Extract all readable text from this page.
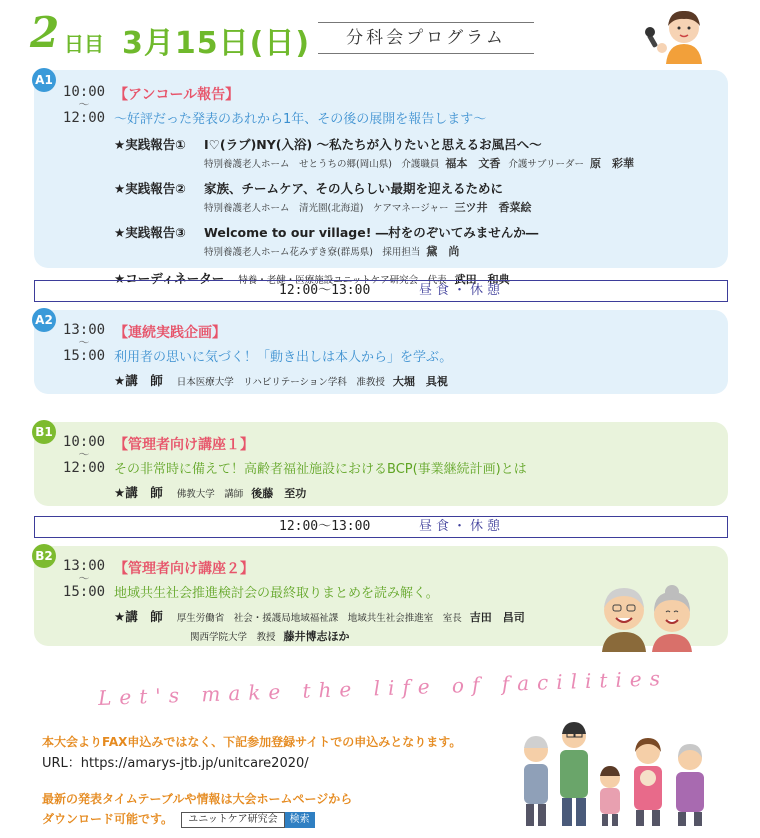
2 日目 3月15日(日)	分科会プログラム
A1
10:00
〜
12:00
【アンコール報告】
〜好評だった発表のあれから1年、その後の展開を報告します〜
★実践報告① I♡(ラブ)NY(入浴) 〜私たちが入りたいと思えるお風呂へ〜
特別養護老人ホーム　せとうちの郷(岡山県)　介護職員 福本　文香 介護サブリーダー 原　彩華
★実践報告② 家族、チームケア、その人らしい最期を迎えるために
特別養護老人ホーム　清光園(北海道)　ケアマネージャー 三ツ井　香菜絵
★実践報告③ Welcome to our village! ―村をのぞいてみませんか―
特別養護老人ホーム花みずき寮(群馬県)　採用担当 黛　尚
★コーディネーター 特養・老健・医療施設ユニットケア研究会　代表 武田　和典
12:00〜13:00	昼食・休憩
A2
13:00
〜
15:00
【連続実践企画】
利用者の思いに気づく！「動き出しは本人から」を学ぶ。
★講　師 日本医療大学　リハビリテーション学科　准教授 大堀　具視
B1
10:00
〜
12:00
【管理者向け講座１】
その非常時に備えて！高齢者福祉施設におけるBCP(事業継続計画)とは
★講　師 佛教大学　講師 後藤　至功
12:00〜13:00	昼食・休憩
B2
13:00
〜
15:00
【管理者向け講座２】
地域共生社会推進検討会の最終取りまとめを読み解く。
★講　師 厚生労働省　社会・援護局地域福祉課　地域共生社会推進室　室長 吉田　昌司
関西学院大学　教授 藤井博志ほか
Let's make the life of facilities
本大会よりFAX申込みではなく、下記参加登録サイトでの申込みとなります。
URL：https://amarys-jtb.jp/unitcare2020/
最新の発表タイムテーブルや情報は大会ホームページから
ダウンロード可能です。 ユニットケア研究会 検索
